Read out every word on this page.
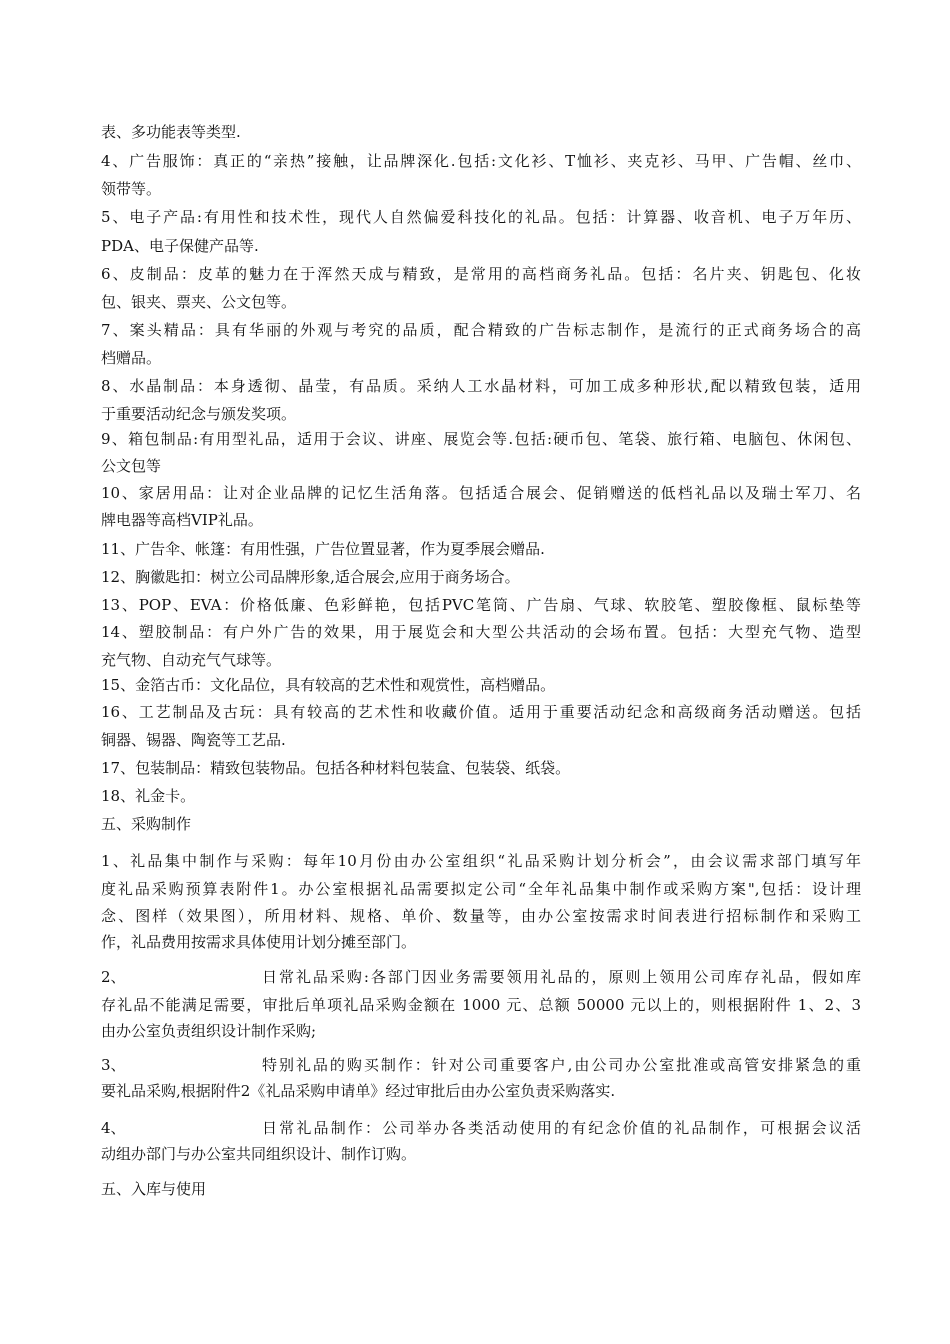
表、多功能表等类型.
4、广告服饰：真正的“亲热”接触，让品牌深化.包括:文化衫、T恤衫、夹克衫、马甲、广告帽、丝巾、
领带等。
5、电子产品:有用性和技术性，现代人自然偏爱科技化的礼品。包括：计算器、收音机、电子万年历、
PDA、电子保健产品等.
6、皮制品：皮革的魅力在于浑然天成与精致，是常用的高档商务礼品。包括：名片夹、钥匙包、化妆
包、银夹、票夹、公文包等。
7、案头精品：具有华丽的外观与考究的品质，配合精致的广告标志制作，是流行的正式商务场合的高
档赠品。
8、水晶制品：本身透彻、晶莹，有品质。采纳人工水晶材料，可加工成多种形状,配以精致包装，适用
于重要活动纪念与颁发奖项。
9、箱包制品:有用型礼品，适用于会议、讲座、展览会等.包括:硬币包、笔袋、旅行箱、电脑包、休闲包、
公文包等
10、家居用品：让对企业品牌的记忆生活角落。包括适合展会、促销赠送的低档礼品以及瑞士军刀、名
牌电器等高档VIP礼品。
11、广告伞、帐篷：有用性强，广告位置显著，作为夏季展会赠品.
12、胸徽匙扣：树立公司品牌形象,适合展会,应用于商务场合。
13、POP、EVA：价格低廉、色彩鲜艳，包括PVC笔筒、广告扇、气球、软胶笔、塑胶像框、鼠标垫等
14、塑胶制品：有户外广告的效果，用于展览会和大型公共活动的会场布置。包括：大型充气物、造型
充气物、自动充气气球等。
15、金箔古币：文化品位，具有较高的艺术性和观赏性，高档赠品。
16、工艺制品及古玩：具有较高的艺术性和收藏价值。适用于重要活动纪念和高级商务活动赠送。包括
铜器、锡器、陶瓷等工艺品.
17、包装制品：精致包装物品。包括各种材料包装盒、包装袋、纸袋。
18、礼金卡。
五、采购制作
1、礼品集中制作与采购：每年10月份由办公室组织“礼品采购计划分析会”，由会议需求部门填写年
度礼品采购预算表附件1。办公室根据礼品需要拟定公司“全年礼品集中制作或采购方案",包括：设计理
念、图样（效果图），所用材料、规格、单价、数量等，由办公室按需求时间表进行招标制作和采购工
作，礼品费用按需求具体使用计划分摊至部门。
2、	日常礼品采购:各部门因业务需要领用礼品的，原则上领用公司库存礼品，假如库
存礼品不能满足需要，审批后单项礼品采购金额在 1000 元、总额 50000 元以上的，则根据附件 1、2、3
由办公室负责组织设计制作采购;
3、	特别礼品的购买制作：针对公司重要客户,由公司办公室批准或高管安排紧急的重
要礼品采购,根据附件2《礼品采购申请单》经过审批后由办公室负责采购落实.
4、	日常礼品制作：公司举办各类活动使用的有纪念价值的礼品制作，可根据会议活
动组办部门与办公室共同组织设计、制作订购。
五、入库与使用
